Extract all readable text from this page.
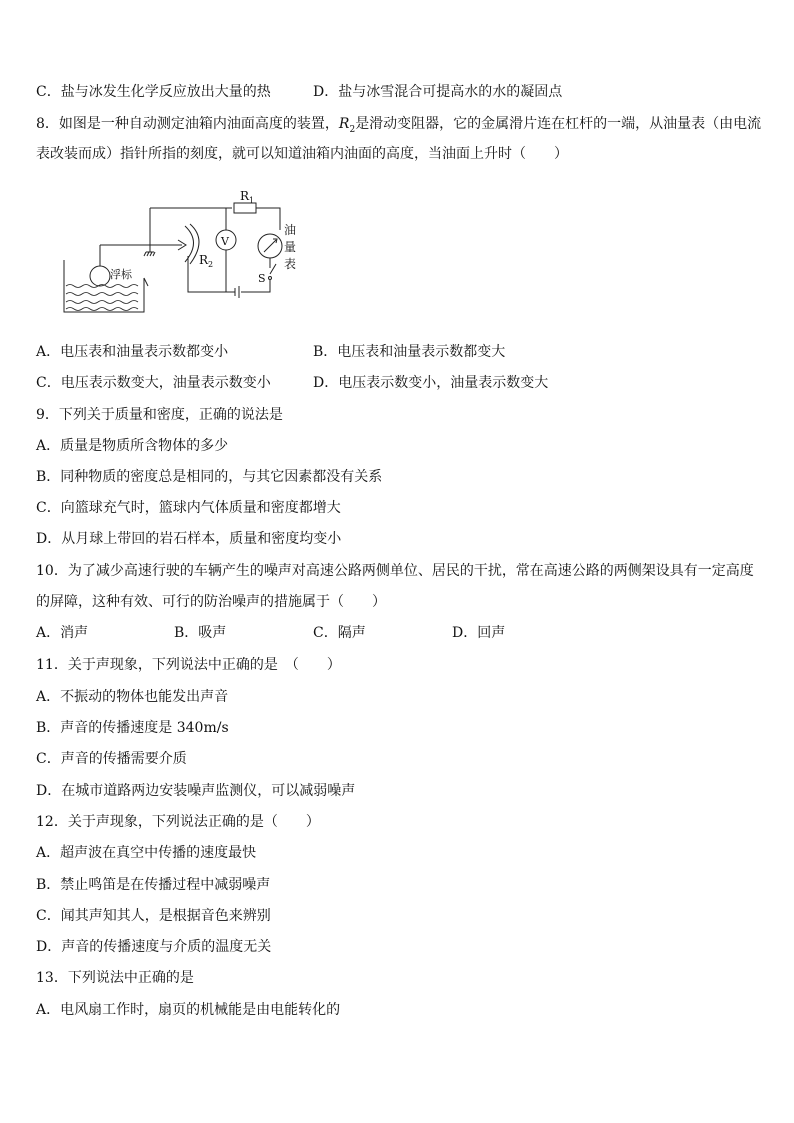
C．盐与冰发生化学反应放出大量的热	D．盐与冰雪混合可提高水的水的凝固点
8．如图是一种自动测定油箱内油面高度的装置，$R_2$是滑动变阻器，它的金属滑片连在杠杆的一端，从油量表（由电流
表改装而成）指针所指的刻度，就可以知道油箱内油面的高度，当油面上升时（　　）
$R_1$
$R_2$
V
浮标
油
量
表
S
A．电压表和油量表示数都变小	B．电压表和油量表示数都变大
C．电压表示数变大，油量表示数变小	D．电压表示数变小，油量表示数变大
9．下列关于质量和密度，正确的说法是
A．质量是物质所含物体的多少
B．同种物质的密度总是相同的，与其它因素都没有关系
C．向篮球充气时，篮球内气体质量和密度都增大
D．从月球上带回的岩石样本，质量和密度均变小
10．为了减少高速行驶的车辆产生的噪声对高速公路两侧单位、居民的干扰，常在高速公路的两侧架设具有一定高度
的屏障，这种有效、可行的防治噪声的措施属于（　　）
A．消声	B．吸声	C．隔声	D．回声
11．关于声现象，下列说法中正确的是　（　　）
A．不振动的物体也能发出声音
B．声音的传播速度是 340m/s
C．声音的传播需要介质
D．在城市道路两边安装噪声监测仪，可以减弱噪声
12．关于声现象，下列说法正确的是（　　）
A．超声波在真空中传播的速度最快
B．禁止鸣笛是在传播过程中减弱噪声
C．闻其声知其人，是根据音色来辨别
D．声音的传播速度与介质的温度无关
13．下列说法中正确的是
A．电风扇工作时，扇页的机械能是由电能转化的
